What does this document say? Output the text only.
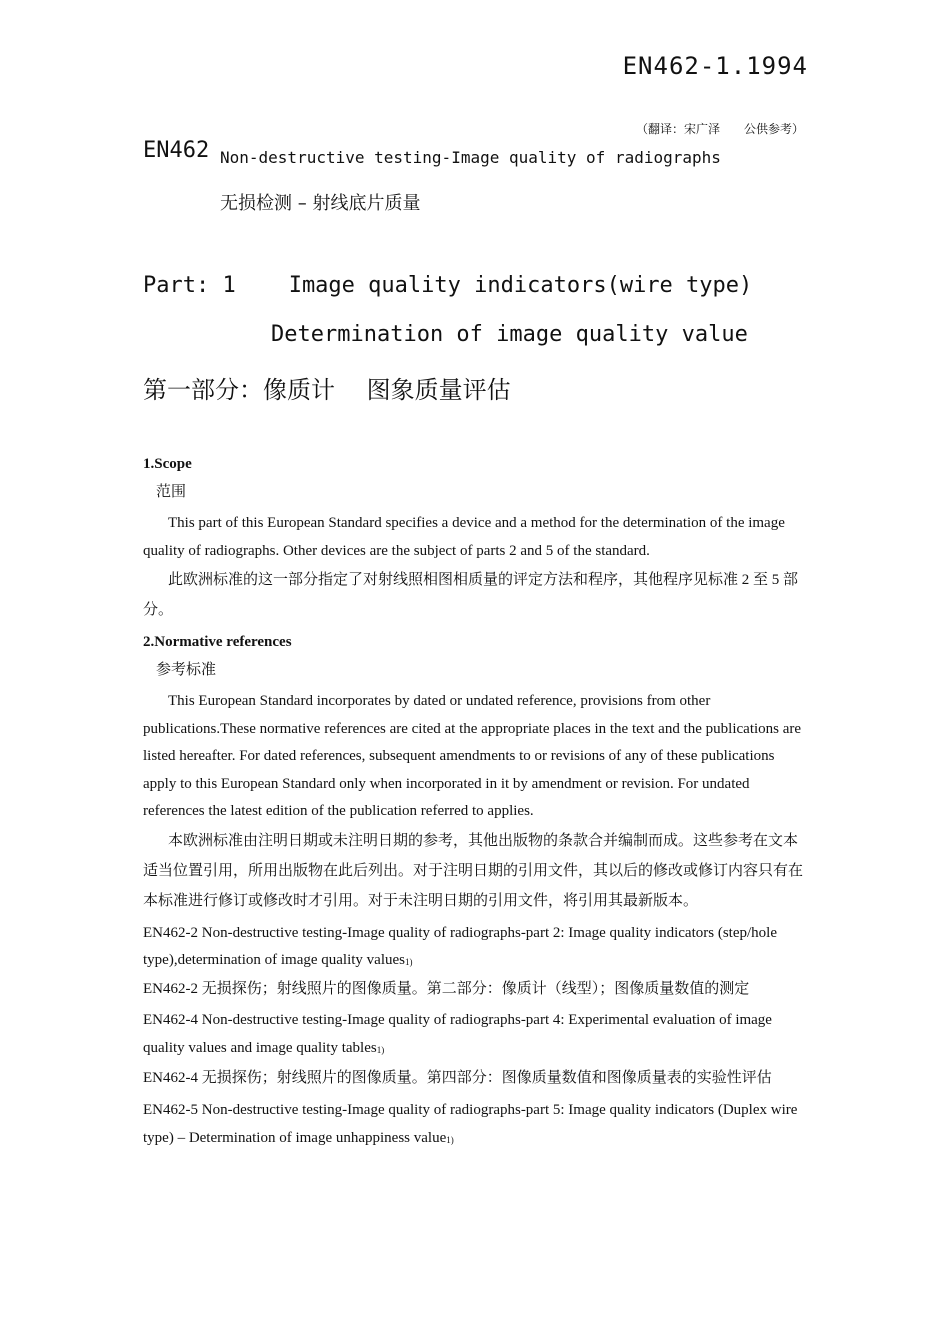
EN462-1.1994
（翻译：宋广泽　　公供参考）
EN462 Non-destructive testing-Image quality of radiographs
无损检测 – 射线底片质量
Part: 1    Image quality indicators(wire type)
Determination of image quality value
第一部分：像质计　 图象质量评估

1.Scope

范围

This part of this European Standard specifies a device and a method for the determination of the image quality of radiographs. Other devices are the subject of parts 2 and 5 of the standard.

此欧洲标准的这一部分指定了对射线照相图相质量的评定方法和程序，其他程序见标准 2 至 5 部分。

2.Normative references

参考标准

This European Standard incorporates by dated or undated reference, provisions from other publications.These normative references are cited at the appropriate places in the text and the publications are listed hereafter. For dated references, subsequent amendments to or revisions of any of these publications apply to this European Standard only when incorporated in it by amendment or revision. For undated references the latest edition of the publication referred to applies.

本欧洲标准由注明日期或未注明日期的参考，其他出版物的条款合并编制而成。这些参考在文本适当位置引用，所用出版物在此后列出。对于注明日期的引用文件，其以后的修改或修订内容只有在本标准进行修订或修改时才引用。对于未注明日期的引用文件，将引用其最新版本。

EN462-2 Non-destructive testing-Image quality of radiographs-part 2: Image quality indicators (step/hole type),determination of image quality values$^{1)}$

EN462-2 无损探伤；射线照片的图像质量。第二部分：像质计（线型）；图像质量数值的测定

EN462-4 Non-destructive testing-Image quality of radiographs-part 4: Experimental evaluation of image quality values and image quality tables$^{1)}$

EN462-4 无损探伤；射线照片的图像质量。第四部分：图像质量数值和图像质量表的实验性评估

EN462-5 Non-destructive testing-Image quality of radiographs-part 5: Image quality indicators (Duplex wire type) – Determination of image unhappiness value$^{1)}$
